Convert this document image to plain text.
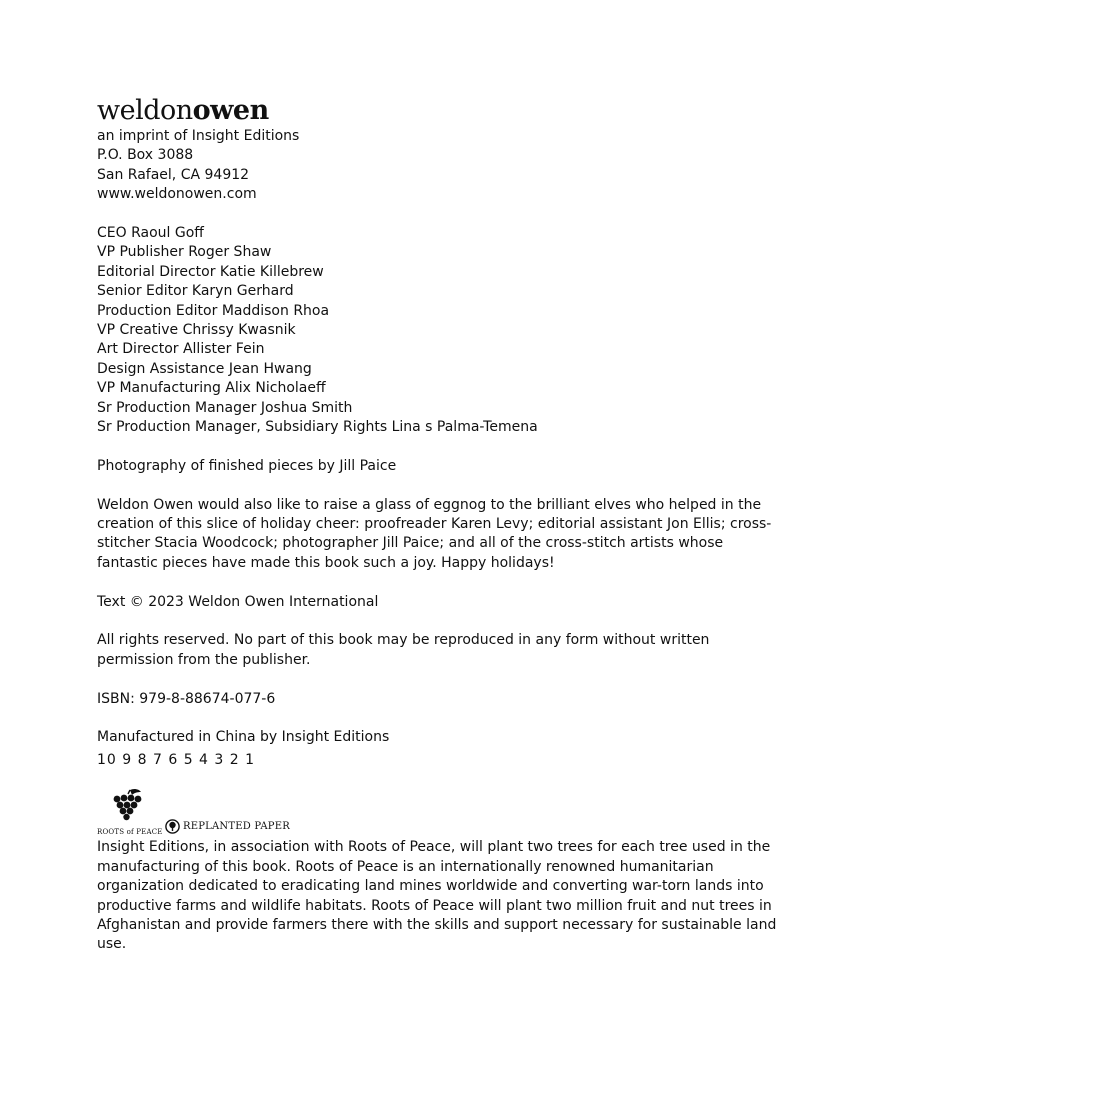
weldonowen
an imprint of Insight Editions
P.O. Box 3088
San Rafael, CA 94912
www.weldonowen.com
CEO Raoul Goff
VP Publisher Roger Shaw
Editorial Director Katie Killebrew
Senior Editor Karyn Gerhard
Production Editor Maddison Rhoa
VP Creative Chrissy Kwasnik
Art Director Allister Fein
Design Assistance Jean Hwang
VP Manufacturing Alix Nicholaeff
Sr Production Manager Joshua Smith
Sr Production Manager, Subsidiary Rights Lina s Palma-Temena
Photography of finished pieces by Jill Paice
Weldon Owen would also like to raise a glass of eggnog to the brilliant elves who helped in the creation of this slice of holiday cheer: proofreader Karen Levy; editorial assistant Jon Ellis; cross-stitcher Stacia Woodcock; photographer Jill Paice; and all of the cross-stitch artists whose fantastic pieces have made this book such a joy. Happy holidays!
Text © 2023 Weldon Owen International
All rights reserved. No part of this book may be reproduced in any form without written permission from the publisher.
ISBN: 979-8-88674-077-6
Manufactured in China by Insight Editions
10 9 8 7 6 5 4 3 2 1
ROOTS of PEACE
REPLANTED PAPER
Insight Editions, in association with Roots of Peace, will plant two trees for each tree used in the manufacturing of this book. Roots of Peace is an internationally renowned humanitarian organization dedicated to eradicating land mines worldwide and converting war-torn lands into productive farms and wildlife habitats. Roots of Peace will plant two million fruit and nut trees in Afghanistan and provide farmers there with the skills and support necessary for sustainable land use.
